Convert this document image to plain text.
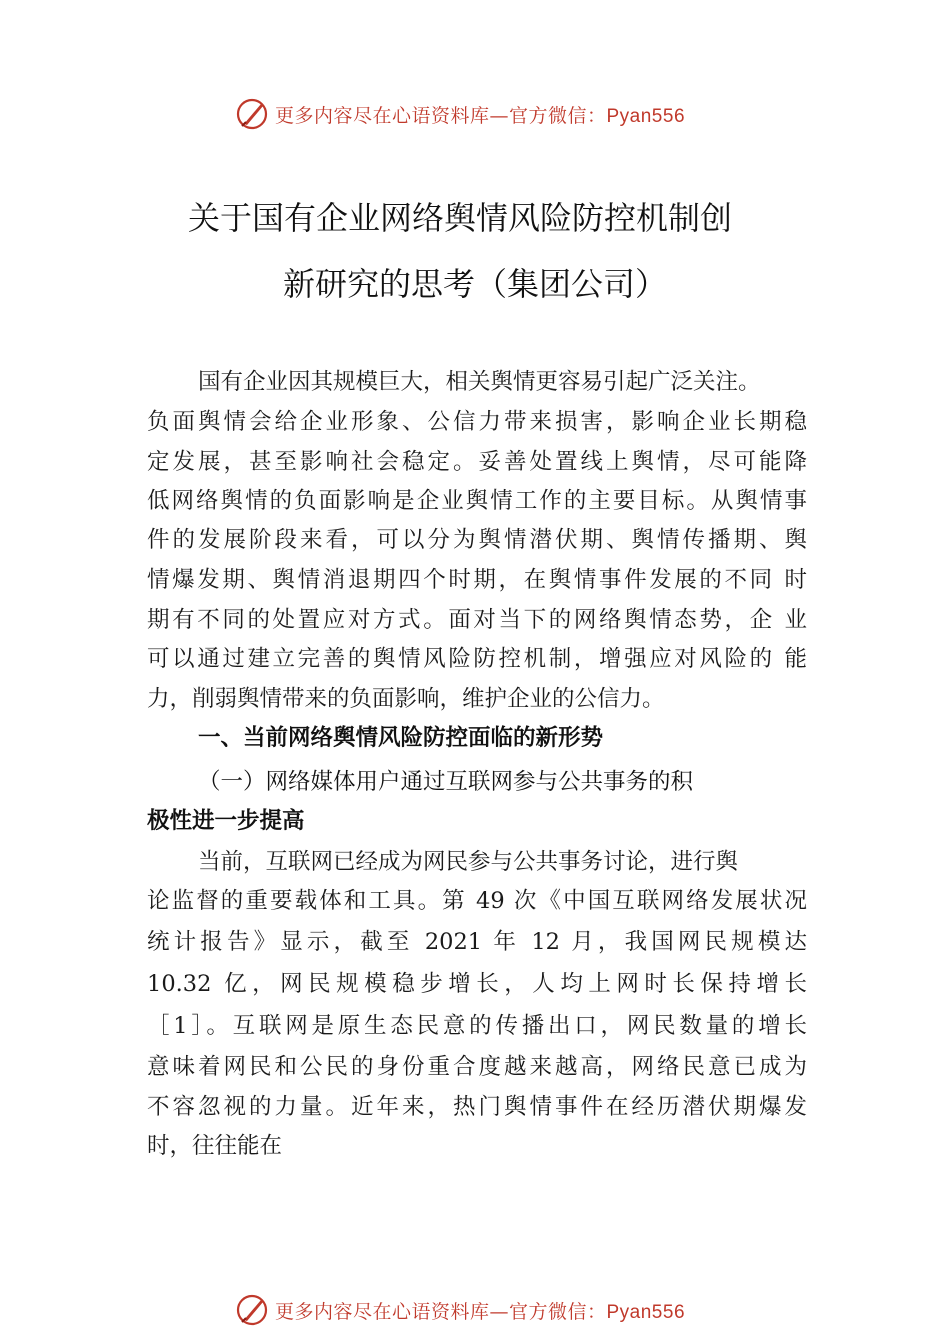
更多内容尽在心语资料库—官方微信：Pyan556
关于国有企业网络舆情风险防控机制创
新研究的思考（集团公司）
国有企业因其规模巨大，相关舆情更容易引起广泛关注。
负面舆情会给企业形象、公信力带来损害，影响企业长期稳
定发展，甚至影响社会稳定。妥善处置线上舆情，尽可能降
低网络舆情的负面影响是企业舆情工作的主要目标。从舆情事
件的发展阶段来看，可以分为舆情潜伏期、舆情传播期、舆
情爆发期、舆情消退期四个时期，在舆情事件发展的不同 时
期有不同的处置应对方式。面对当下的网络舆情态势，企 业
可以通过建立完善的舆情风险防控机制，增强应对风险的 能
力，削弱舆情带来的负面影响，维护企业的公信力。
一、当前网络舆情风险防控面临的新形势
（一）网络媒体用户通过互联网参与公共事务的积
极性进一步提高
当前，互联网已经成为网民参与公共事务讨论，进行舆
论监督的重要载体和工具。第 49 次《中国互联网络发展状况
统计报告》显示，截至 2021 年 12 月，我国网民规模达
10.32 亿，网民规模稳步增长，人均上网时长保持增长
［1］。互联网是原生态民意的传播出口，网民数量的增长
意味着网民和公民的身份重合度越来越高，网络民意已成为
不容忽视的力量。近年来，热门舆情事件在经历潜伏期爆发
时，往往能在
更多内容尽在心语资料库—官方微信：Pyan556
